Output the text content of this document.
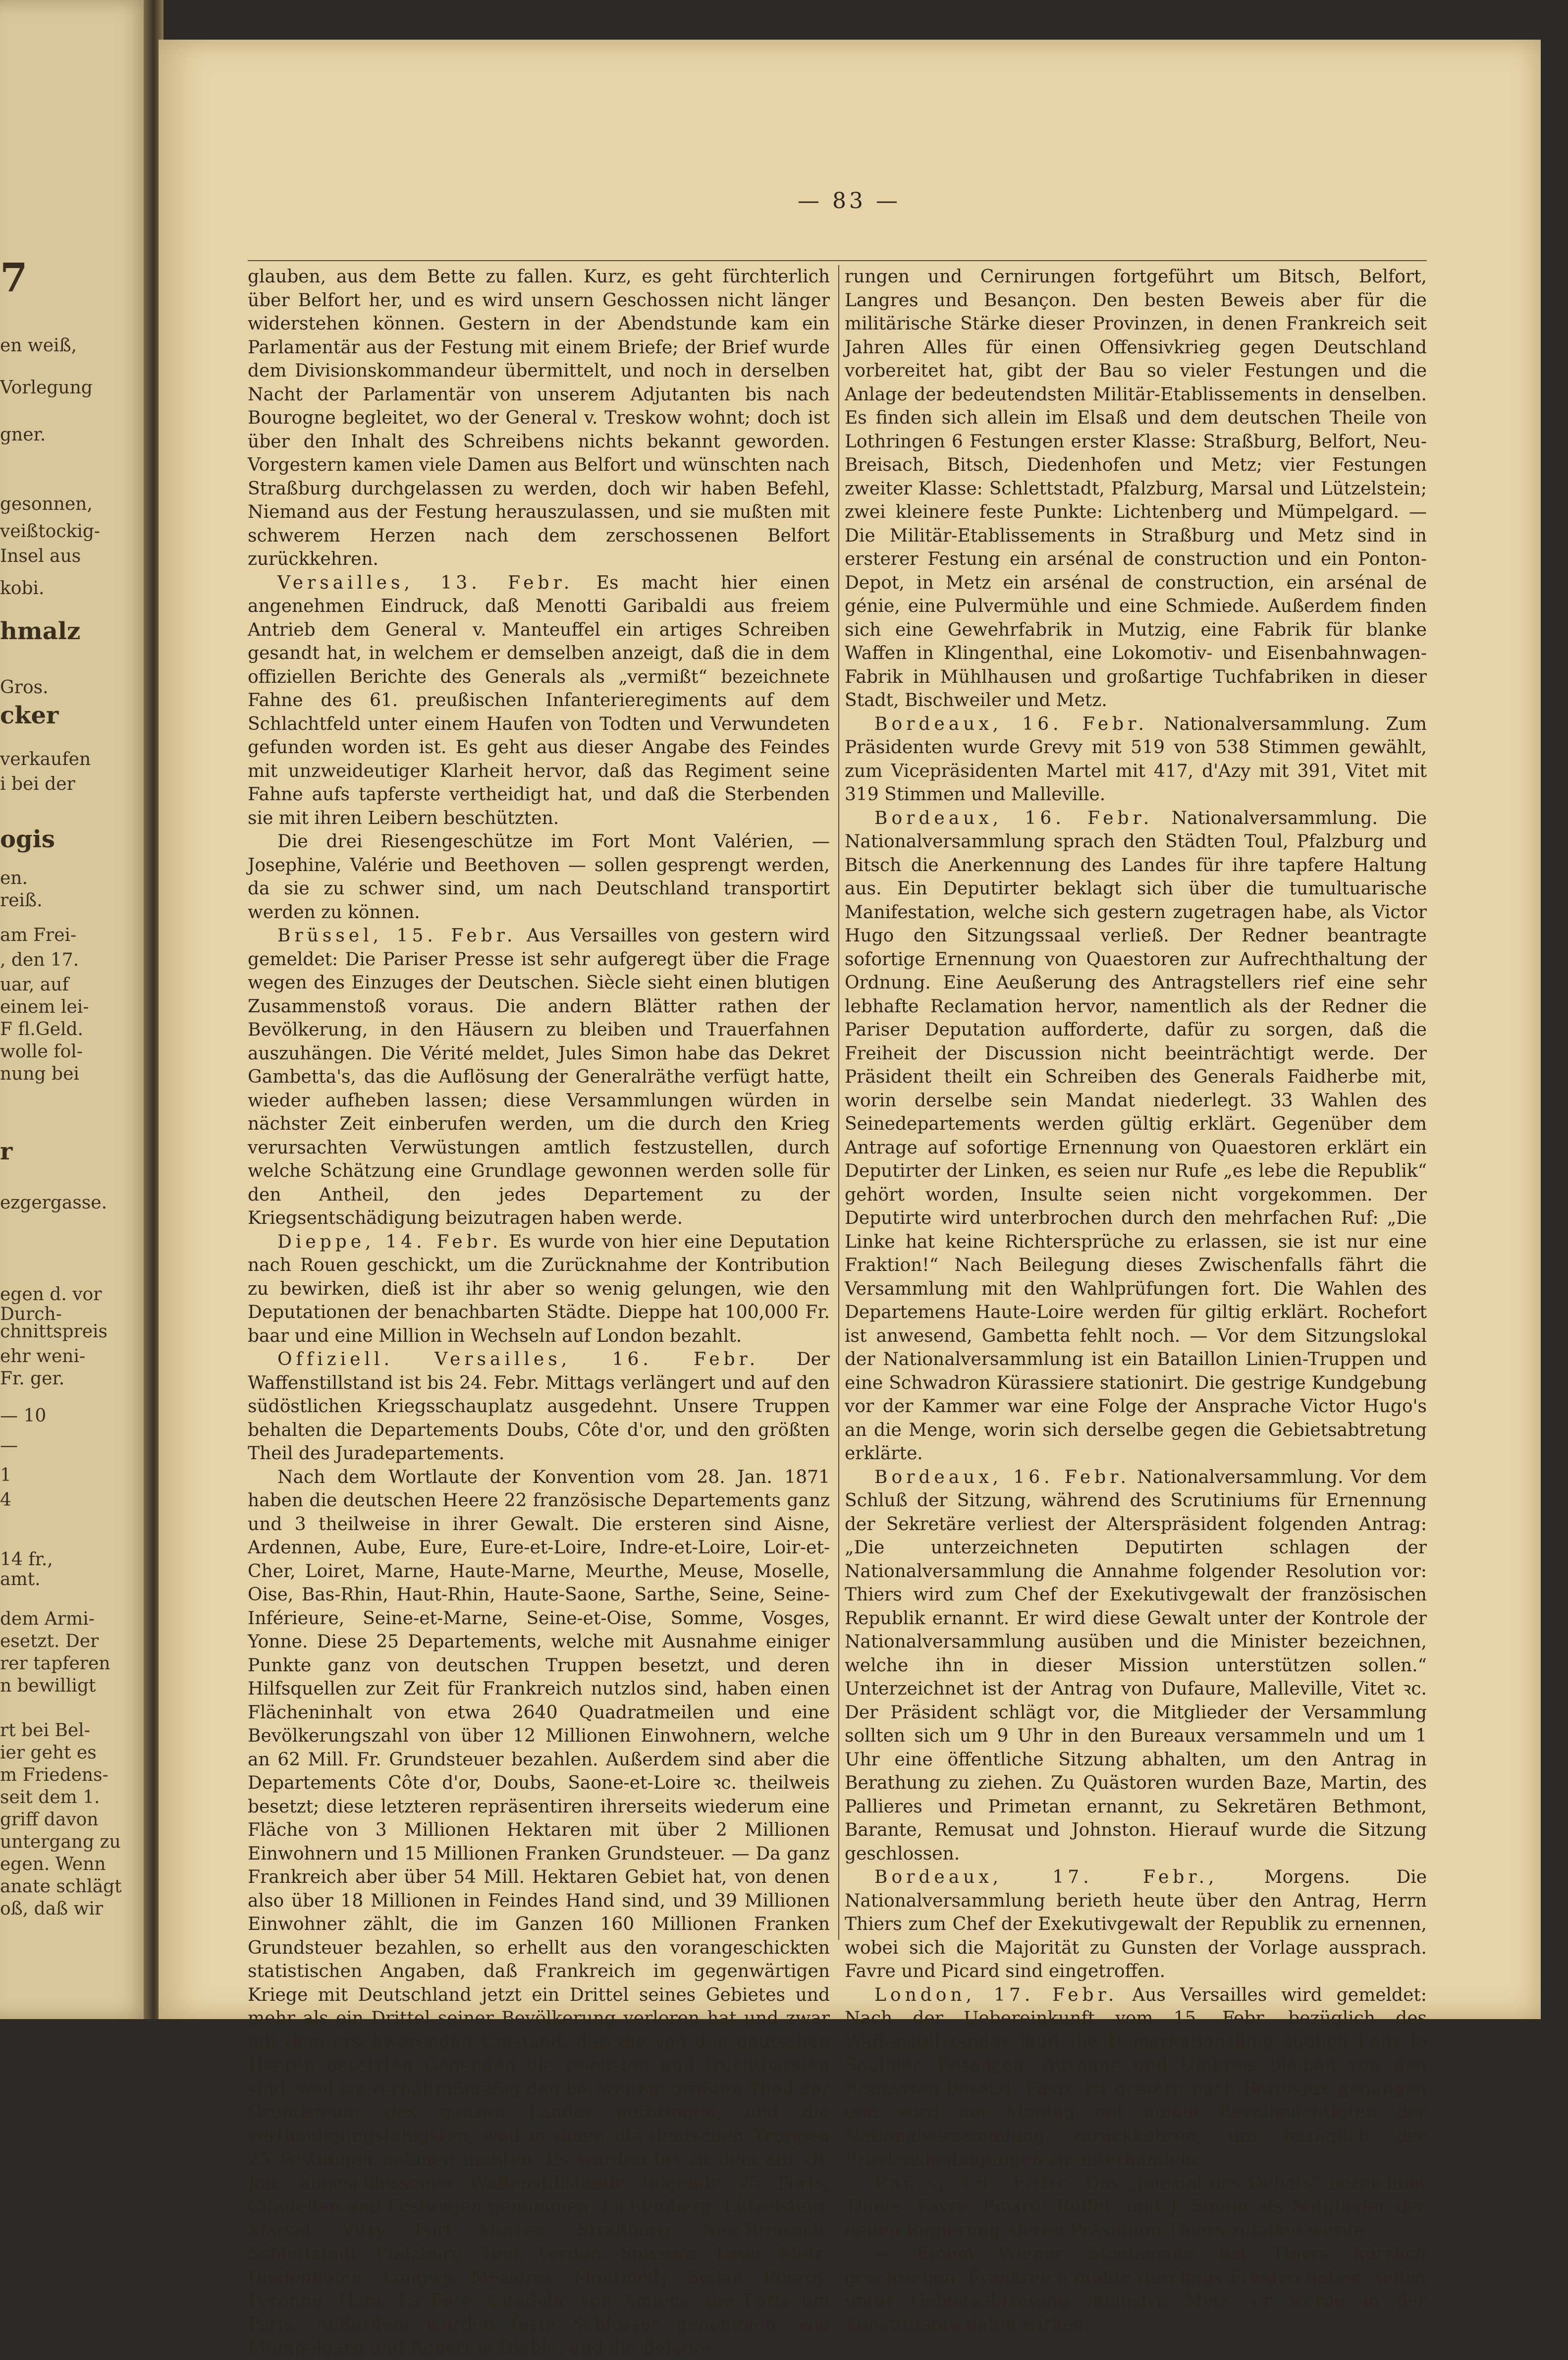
7
en weiß,
Vorlegung
gner.
gesonnen,
veißtockig-
Insel aus
kobi.
hmalz
Gros.
cker
verkaufen
i bei der
ogis
en.
reiß.
am Frei-
, den 17.
uar, auf
einem lei-
F fl.Geld.
wolle fol-
nung bei
r
ezgergasse.
egen d. vor
Durch-
chnittspreis
ehr weni-
Fr. ger.
— 10
—
1
4
14 fr.,
amt.
dem Armi-
esetzt. Der
rer tapferen
n bewilligt
rt bei Bel-
ier geht es
m Friedens-
seit dem 1.
griff davon
untergang zu
egen. Wenn
anate schlägt
oß, daß wir
— 83 —

glauben, aus dem Bette zu fallen. Kurz, es geht fürchterlich über Belfort her, und es wird unsern Geschossen nicht länger widerstehen können. Gestern in der Abendstunde kam ein Parlamentär aus der Festung mit einem Briefe; der Brief wurde dem Divisionskommandeur übermittelt, und noch in derselben Nacht der Parlamentär von unserem Adjutanten bis nach Bourogne begleitet, wo der General v. Treskow wohnt; doch ist über den Inhalt des Schreibens nichts bekannt geworden. Vorgestern kamen viele Damen aus Belfort und wünschten nach Straßburg durchgelassen zu werden, doch wir haben Befehl, Niemand aus der Festung herauszulassen, und sie mußten mit schwerem Herzen nach dem zerschossenen Belfort zurückkehren.

Versailles, 13. Febr. Es macht hier einen angenehmen Eindruck, daß Menotti Garibaldi aus freiem Antrieb dem General v. Manteuffel ein artiges Schreiben gesandt hat, in welchem er demselben anzeigt, daß die in dem offiziellen Berichte des Generals als „vermißt“ bezeichnete Fahne des 61. preußischen Infanterieregiments auf dem Schlachtfeld unter einem Haufen von Todten und Verwundeten gefunden worden ist. Es geht aus dieser Angabe des Feindes mit unzweideutiger Klarheit hervor, daß das Regiment seine Fahne aufs tapferste vertheidigt hat, und daß die Sterbenden sie mit ihren Leibern beschützten.

Die drei Riesengeschütze im Fort Mont Valérien, — Josephine, Valérie und Beethoven — sollen gesprengt werden, da sie zu schwer sind, um nach Deutschland transportirt werden zu können.

Brüssel, 15. Febr. Aus Versailles von gestern wird gemeldet: Die Pariser Presse ist sehr aufgeregt über die Frage wegen des Einzuges der Deutschen. Siècle sieht einen blutigen Zusammenstoß voraus. Die andern Blätter rathen der Bevölkerung, in den Häusern zu bleiben und Trauerfahnen auszuhängen. Die Vérité meldet, Jules Simon habe das Dekret Gambetta's, das die Auflösung der Generalräthe verfügt hatte, wieder aufheben lassen; diese Versammlungen würden in nächster Zeit einberufen werden, um die durch den Krieg verursachten Verwüstungen amtlich festzustellen, durch welche Schätzung eine Grundlage gewonnen werden solle für den Antheil, den jedes Departement zu der Kriegsentschädigung beizutragen haben werde.

Dieppe, 14. Febr. Es wurde von hier eine Deputation nach Rouen geschickt, um die Zurücknahme der Kontribution zu bewirken, dieß ist ihr aber so wenig gelungen, wie den Deputationen der benachbarten Städte. Dieppe hat 100,000 Fr. baar und eine Million in Wechseln auf London bezahlt.

Offiziell. Versailles, 16. Febr. Der Waffenstillstand ist bis 24. Febr. Mittags verlängert und auf den südöstlichen Kriegsschauplatz ausgedehnt. Unsere Truppen behalten die Departements Doubs, Côte d'or, und den größten Theil des Juradepartements.

Nach dem Wortlaute der Konvention vom 28. Jan. 1871 haben die deutschen Heere 22 französische Departements ganz und 3 theilweise in ihrer Gewalt. Die ersteren sind Aisne, Ardennen, Aube, Eure, Eure-et-Loire, Indre-et-Loire, Loir-et-Cher, Loiret, Marne, Haute-Marne, Meurthe, Meuse, Moselle, Oise, Bas-Rhin, Haut-Rhin, Haute-Saone, Sarthe, Seine, Seine-Inférieure, Seine-et-Marne, Seine-et-Oise, Somme, Vosges, Yonne. Diese 25 Departements, welche mit Ausnahme einiger Punkte ganz von deutschen Truppen besetzt, und deren Hilfsquellen zur Zeit für Frankreich nutzlos sind, haben einen Flächeninhalt von etwa 2640 Quadratmeilen und eine Bevölkerungszahl von über 12 Millionen Einwohnern, welche an 62 Mill. Fr. Grundsteuer bezahlen. Außerdem sind aber die Departements Côte d'or, Doubs, Saone-et-Loire ꝛc. theilweis besetzt; diese letzteren repräsentiren ihrerseits wiederum eine Fläche von 3 Millionen Hektaren mit über 2 Millionen Einwohnern und 15 Millionen Franken Grundsteuer. — Da ganz Frankreich aber über 54 Mill. Hektaren Gebiet hat, von denen also über 18 Millionen in Feindes Hand sind, und 39 Millionen Einwohner zählt, die im Ganzen 160 Millionen Franken Grundsteuer bezahlen, so erhellt aus den vorangeschickten statistischen Angaben, daß Frankreich im gegenwärtigen Kriege mit Deutschland jetzt ein Drittel seines Gebietes und mehr als ein Drittel seiner Bevölkerung verloren hat und zwar mit dem erschwerenden Umstand, daß die von den deutschen Heeren besetzten Gegenden die reichsten und fruchtbarsten sind, weil sie verhältnißmäßig den bei weitem größten Theil der Grundsteuer des ganzen Landes aufbringen, und die vertheidigungsfähigsten, weil in ihnen die deutschen Truppen 25 Festungen nehmen mußten. Es wurden bis zu dem am 28. Jan. abgeschlossenen Waffenstillstande folgende 25 Forts, Citadellen und Festungen genommen: Lichtenberg, Lützelstein, Marsal, Vitry, Fort Mortier, Straßburg, Neu-Breisach, Schlettstadt, Pfalzburg, Toul, Verdun, Soissons, Laon, Metz, Diedenhofen, Longwy, Mézières, Montmédy, Sedan, Rocroy, Peronne, Ham, La Fère, Citadelle von Amiens, die Forts um Paris. Außerdem wurden feste Schlösser genommen, wie Mümpelgard und Robert le Diable, und die Belage-

rungen und Cernirungen fortgeführt um Bitsch, Belfort, Langres und Besançon. Den besten Beweis aber für die militärische Stärke dieser Provinzen, in denen Frankreich seit Jahren Alles für einen Offensivkrieg gegen Deutschland vorbereitet hat, gibt der Bau so vieler Festungen und die Anlage der bedeutendsten Militär-Etablissements in denselben. Es finden sich allein im Elsaß und dem deutschen Theile von Lothringen 6 Festungen erster Klasse: Straßburg, Belfort, Neu-Breisach, Bitsch, Diedenhofen und Metz; vier Festungen zweiter Klasse: Schlettstadt, Pfalzburg, Marsal und Lützelstein; zwei kleinere feste Punkte: Lichtenberg und Mümpelgard. — Die Militär-Etablissements in Straßburg und Metz sind in ersterer Festung ein arsénal de construction und ein Ponton-Depot, in Metz ein arsénal de construction, ein arsénal de génie, eine Pulvermühle und eine Schmiede. Außerdem finden sich eine Gewehrfabrik in Mutzig, eine Fabrik für blanke Waffen in Klingenthal, eine Lokomotiv- und Eisenbahnwagen-Fabrik in Mühlhausen und großartige Tuchfabriken in dieser Stadt, Bischweiler und Metz.

Bordeaux, 16. Febr. Nationalversammlung. Zum Präsidenten wurde Grevy mit 519 von 538 Stimmen gewählt, zum Vicepräsidenten Martel mit 417, d'Azy mit 391, Vitet mit 319 Stimmen und Malleville.

Bordeaux, 16. Febr. Nationalversammlung. Die Nationalversammlung sprach den Städten Toul, Pfalzburg und Bitsch die Anerkennung des Landes für ihre tapfere Haltung aus. Ein Deputirter beklagt sich über die tumultuarische Manifestation, welche sich gestern zugetragen habe, als Victor Hugo den Sitzungssaal verließ. Der Redner beantragte sofortige Ernennung von Quaestoren zur Aufrechthaltung der Ordnung. Eine Aeußerung des Antragstellers rief eine sehr lebhafte Reclamation hervor, namentlich als der Redner die Pariser Deputation aufforderte, dafür zu sorgen, daß die Freiheit der Discussion nicht beeinträchtigt werde. Der Präsident theilt ein Schreiben des Generals Faidherbe mit, worin derselbe sein Mandat niederlegt. 33 Wahlen des Seinedepartements werden gültig erklärt. Gegenüber dem Antrage auf sofortige Ernennung von Quaestoren erklärt ein Deputirter der Linken, es seien nur Rufe „es lebe die Republik“ gehört worden, Insulte seien nicht vorgekommen. Der Deputirte wird unterbrochen durch den mehrfachen Ruf: „Die Linke hat keine Richtersprüche zu erlassen, sie ist nur eine Fraktion!“ Nach Beilegung dieses Zwischenfalls fährt die Versammlung mit den Wahlprüfungen fort. Die Wahlen des Departemens Haute-Loire werden für giltig erklärt. Rochefort ist anwesend, Gambetta fehlt noch. — Vor dem Sitzungslokal der Nationalversammlung ist ein Bataillon Linien-Truppen und eine Schwadron Kürassiere stationirt. Die gestrige Kundgebung vor der Kammer war eine Folge der Ansprache Victor Hugo's an die Menge, worin sich derselbe gegen die Gebietsabtretung erklärte.

Bordeaux, 16. Febr. Nationalversammlung. Vor dem Schluß der Sitzung, während des Scrutiniums für Ernennung der Sekretäre verliest der Alterspräsident folgenden Antrag: „Die unterzeichneten Deputirten schlagen der Nationalversammlung die Annahme folgender Resolution vor: Thiers wird zum Chef der Exekutivgewalt der französischen Republik ernannt. Er wird diese Gewalt unter der Kontrole der Nationalversammlung ausüben und die Minister bezeichnen, welche ihn in dieser Mission unterstützen sollen.“ Unterzeichnet ist der Antrag von Dufaure, Malleville, Vitet ꝛc. Der Präsident schlägt vor, die Mitglieder der Versammlung sollten sich um 9 Uhr in den Bureaux versammeln und um 1 Uhr eine öffentliche Sitzung abhalten, um den Antrag in Berathung zu ziehen. Zu Quästoren wurden Baze, Martin, des Pallieres und Primetan ernannt, zu Sekretären Bethmont, Barante, Remusat und Johnston. Hierauf wurde die Sitzung geschlossen.

Bordeaux, 17. Febr., Morgens. Die Nationalversammlung berieth heute über den Antrag, Herrn Thiers zum Chef der Exekutivgewalt der Republik zu ernennen, wobei sich die Majorität zu Gunsten der Vorlage aussprach. Favre und Picard sind eingetroffen.

London, 17. Febr. Aus Versailles wird gemeldet: Nach der Uebereinkunft vom 15. Febr. bezüglich des Waffenstillstandes läuft die Demarkationslinie südlich Lons le Saulnier. Besançon, Auxonne und Umkreis bleiben von den Franzosen besetzt. Favre ist gestern nach Bordeaux gegangen und wird am Montag mit einem Bevollmächtigten der Nationalversammlung zurückkehren, um bezüglich der Friedensbedingungen zu unterhandeln.

Paris, 16. Febr. Das „Journal des Debats“ bezeichnet Thiers, Favre, Picard, Buffet, und J. Simon als Mitglieder der neuen Regierung, deren Präsidium Thiers zufallen werde.

— Einem Wiener Staatsmann hat Thiers kürzlich geschrieben, Frankreich müßte durchaus Frieden haben, selbst unter Gebietsabtretung inklusive Metz, er werde in der Konstituante dahin wirken.
